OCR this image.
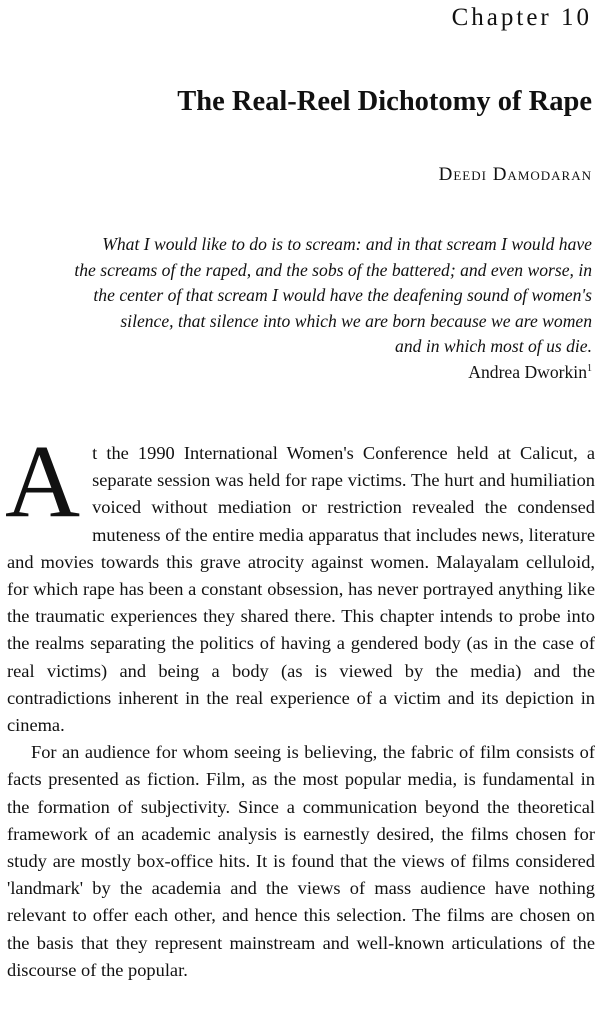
Chapter 10
The Real-Reel Dichotomy of Rape
Deedi Damodaran
What I would like to do is to scream: and in that scream I would have
the screams of the raped, and the sobs of the battered; and even worse, in
the center of that scream I would have the deafening sound of women's
silence, that silence into which we are born because we are women
and in which most of us die.
Andrea Dworkin$^1$

At the 1990 International Women's Conference held at Calicut, a separate session was held for rape victims. The hurt and humiliation voiced without mediation or restriction revealed the condensed muteness of the entire media apparatus that includes news, literature and movies towards this grave atrocity against women. Malayalam celluloid, for which rape has been a constant obsession, has never portrayed anything like the traumatic experiences they shared there. This chapter intends to probe into the realms separating the politics of having a gendered body (as in the case of real victims) and being a body (as is viewed by the media) and the contradictions inherent in the real experience of a victim and its depiction in cinema.

For an audience for whom seeing is believing, the fabric of film consists of facts presented as fiction. Film, as the most popular media, is fundamental in the formation of subjectivity. Since a communication beyond the theoretical framework of an academic analysis is earnestly desired, the films chosen for study are mostly box-office hits. It is found that the views of films considered 'landmark' by the academia and the views of mass audience have nothing relevant to offer each other, and hence this selection. The films are chosen on the basis that they represent mainstream and well-known articulations of the discourse of the popular.
